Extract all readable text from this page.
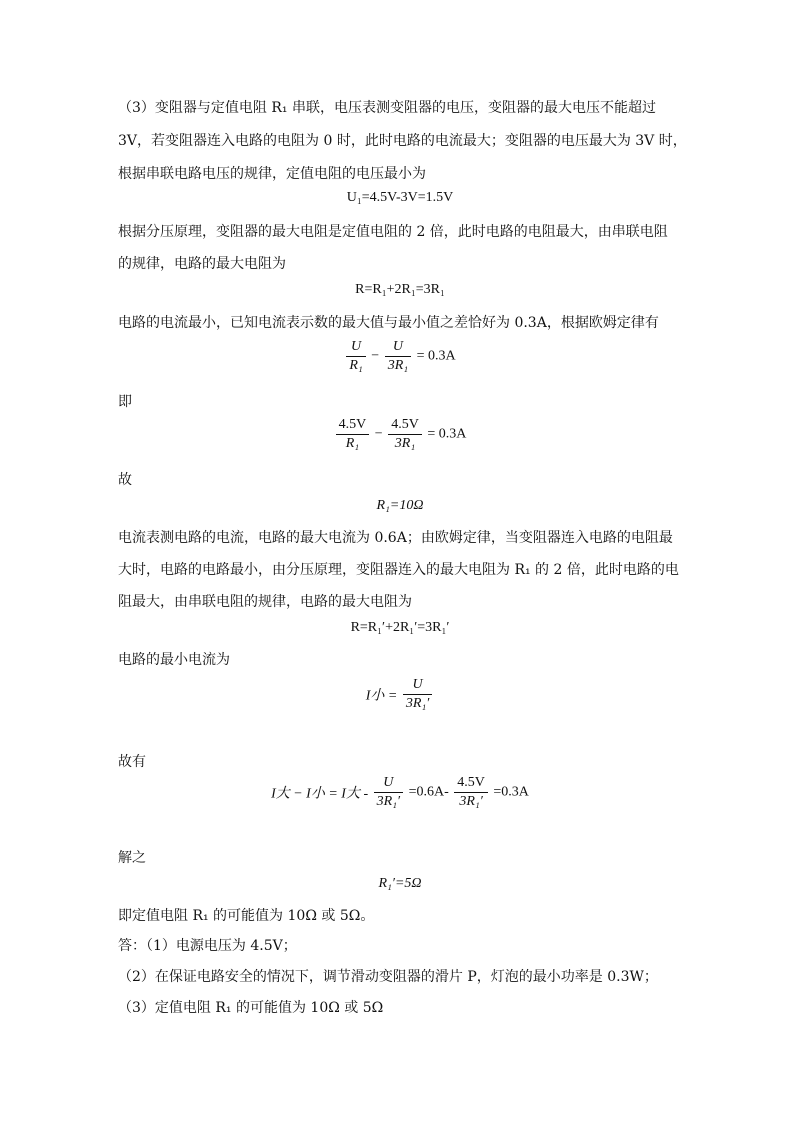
（3）变阻器与定值电阻 R₁ 串联，电压表测变阻器的电压，变阻器的最大电压不能超过
3V，若变阻器连入电路的电阻为 0 时，此时电路的电流最大；变阻器的电压最大为 3V 时，
根据串联电路电压的规律，定值电阻的电压最小为
U₁=4.5V-3V=1.5V
根据分压原理，变阻器的最大电阻是定值电阻的 2 倍，此时电路的电阻最大，由串联电阻
的规律，电路的最大电阻为
R=R₁+2R₁=3R₁
电路的电流最小，已知电流表示数的最大值与最小值之差恰好为 0.3A，根据欧姆定律有
$\frac{U}{\text{R₁}} - \frac{U}{\text{3R₁}} = 0.3A$
即
$\frac{4.5V}{\text{R₁}} - \frac{4.5V}{\text{3R₁}} = 0.3A$
故
R₁=10Ω
电流表测电路的电流，电路的最大电流为 0.6A；由欧姆定律，当变阻器连入电路的电阻最
大时，电路的电路最小，由分压原理，变阻器连入的最大电阻为 R₁ 的 2 倍，此时电路的电
阻最大，由串联电阻的规律，电路的最大电阻为
R=R₁′+2R₁′=3R₁′
电路的最小电流为
I小 = $\frac{U}{\text{3R₁′}}$
故有
I大 − I小 = I大 - $\frac{U}{\text{3R₁′}} =0.6A- \frac{4.5V}{\text{3R₁′}} =0.3A$
解之
R₁′=5Ω
即定值电阻 R₁ 的可能值为 10Ω 或 5Ω。
答：（1）电源电压为 4.5V；
（2）在保证电路安全的情况下，调节滑动变阻器的滑片 P，灯泡的最小功率是 0.3W；
（3）定值电阻 R₁ 的可能值为 10Ω 或 5Ω
